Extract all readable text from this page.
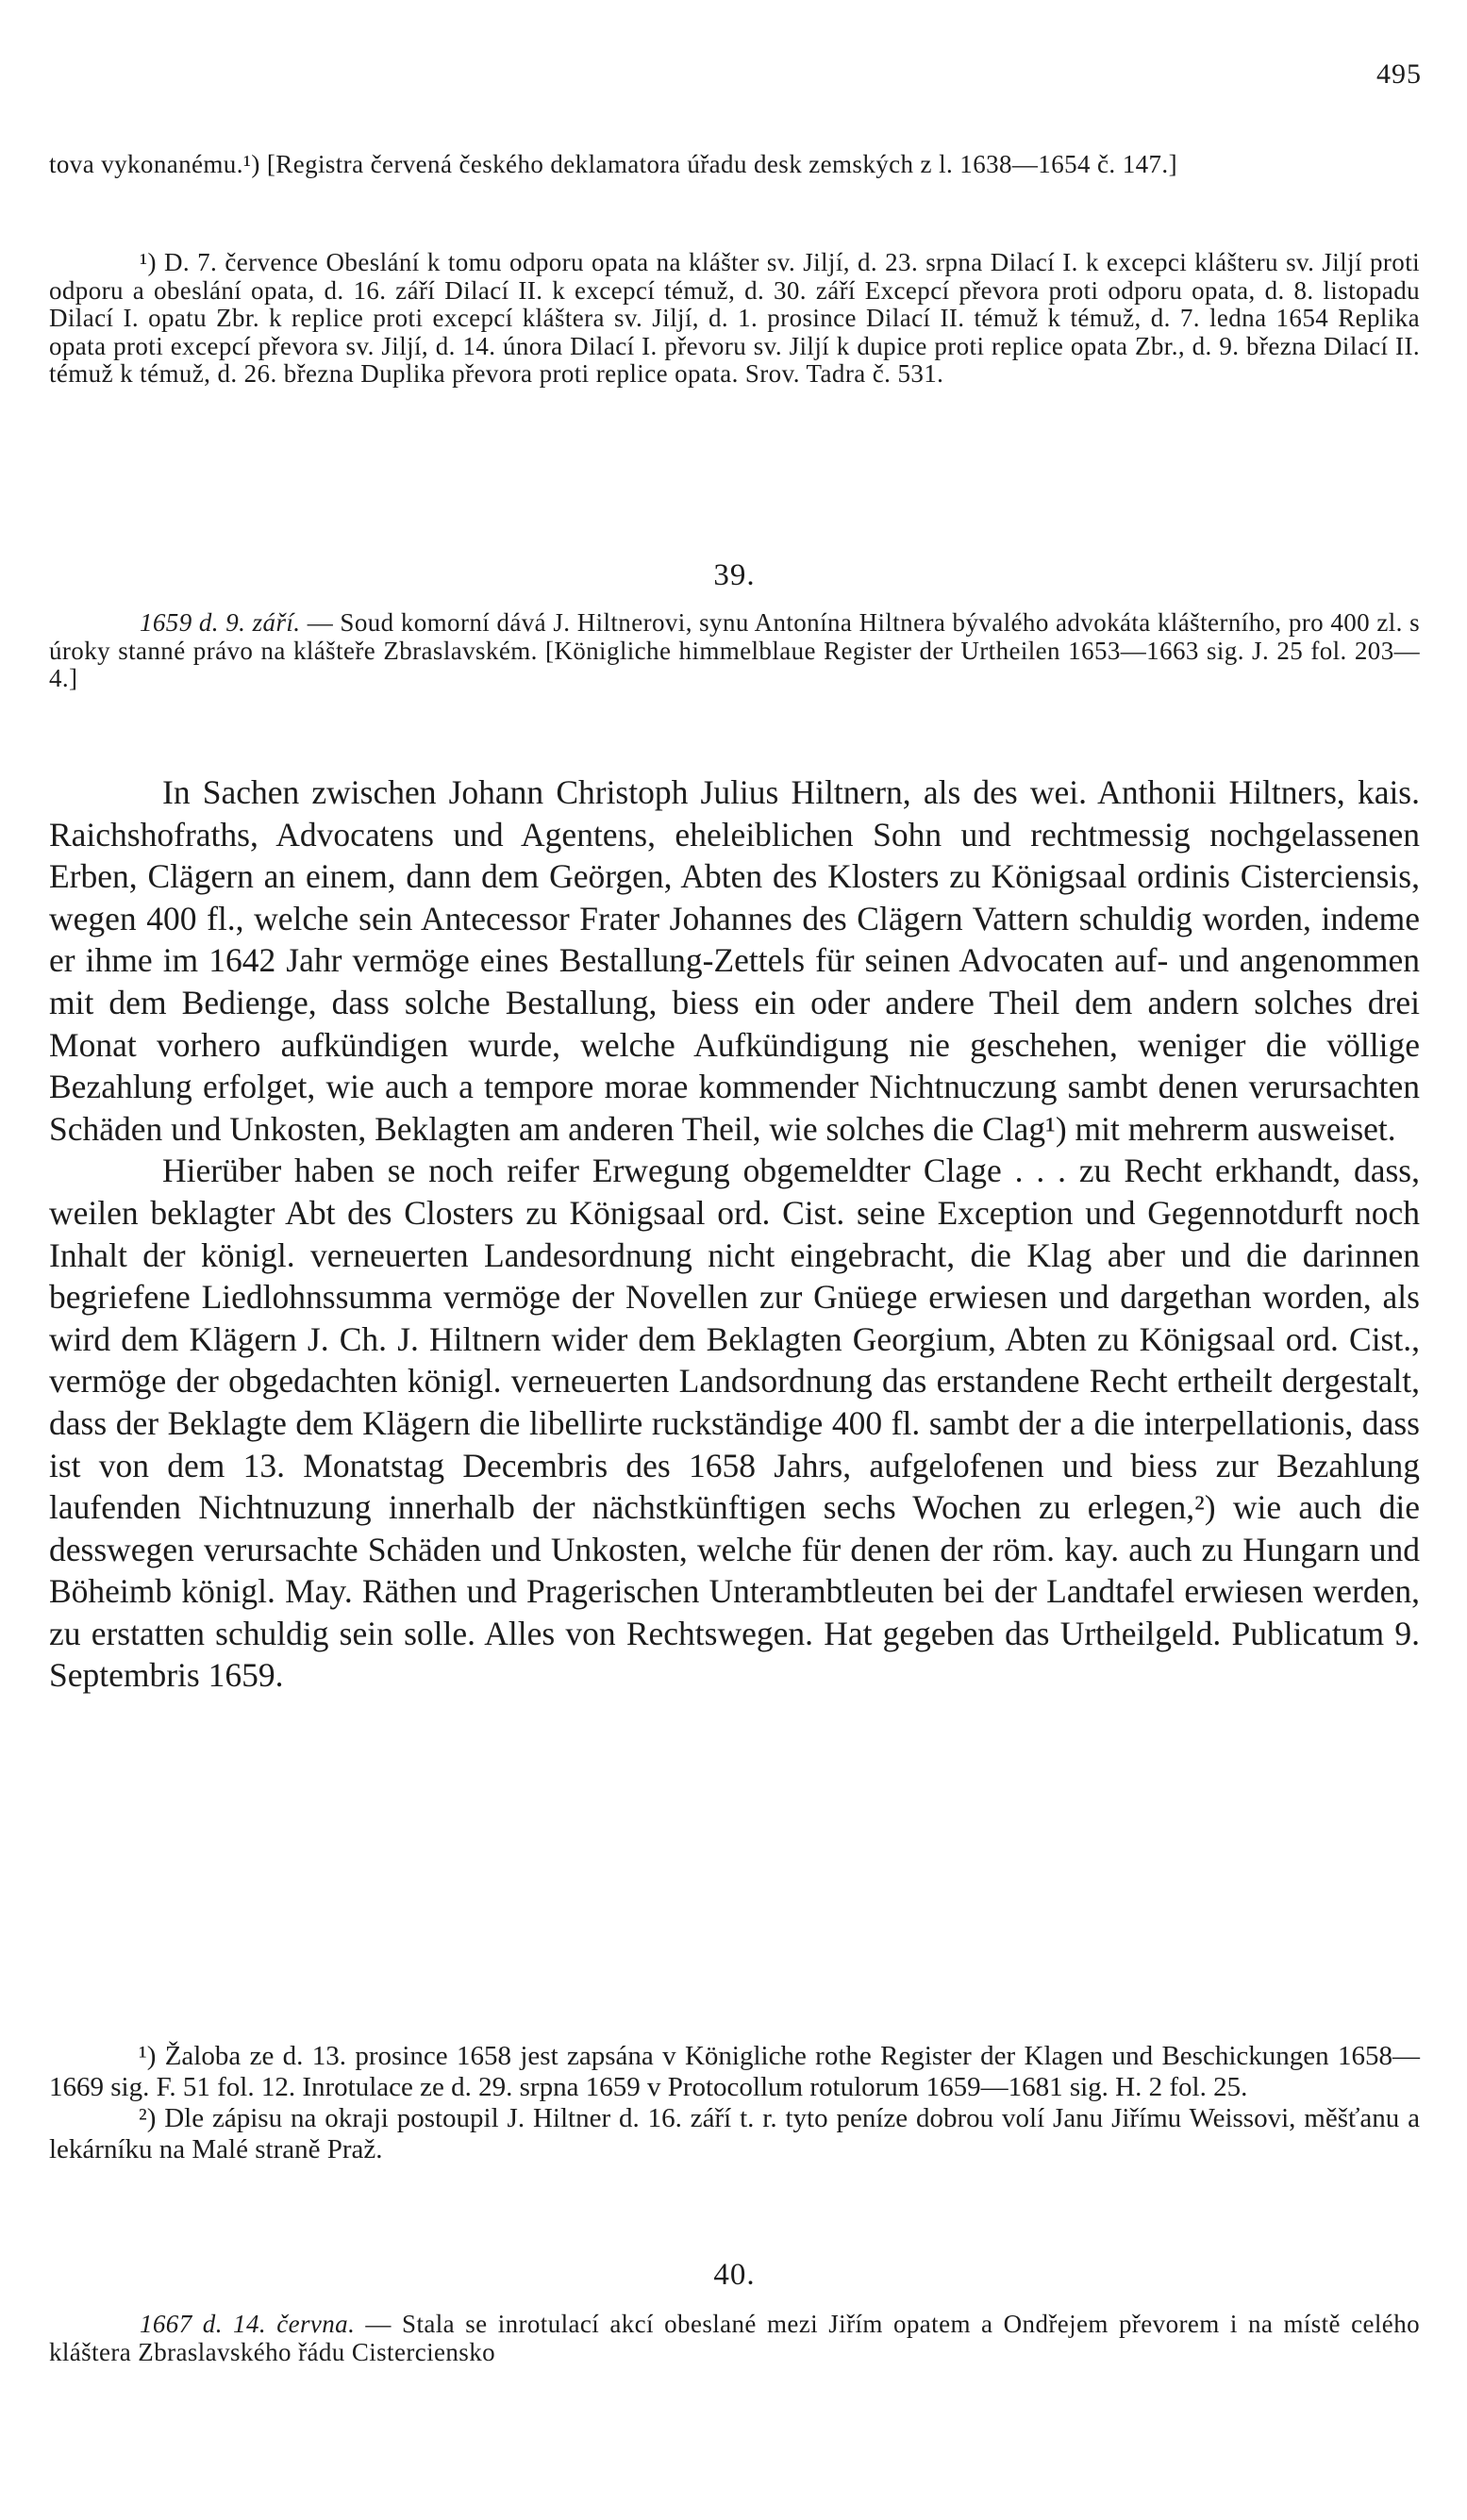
495

tova vykonanému.¹) [Registra červená českého deklamatora úřadu desk zemských z l. 1638—1654 č. 147.]

¹) D. 7. července Obeslání k tomu odporu opata na klášter sv. Jiljí, d. 23. srpna Dilací I. k excepci klášteru sv. Jiljí proti odporu a obeslání opata, d. 16. září Dilací II. k excepcí témuž, d. 30. září Excepcí převora proti odporu opata, d. 8. listopadu Dilací I. opatu Zbr. k replice proti excepcí kláštera sv. Jiljí, d. 1. prosince Dilací II. témuž k témuž, d. 7. ledna 1654 Replika opata proti excepcí převora sv. Jiljí, d. 14. února Dilací I. převoru sv. Jiljí k dupice proti replice opata Zbr., d. 9. března Dilací II. témuž k témuž, d. 26. března Duplika převora proti replice opata. Srov. Tadra č. 531.

39.

1659 d. 9. září. — Soud komorní dává J. Hiltnerovi, synu Antonína Hiltnera bývalého advokáta klášterního, pro 400 zl. s úroky stanné právo na klášteře Zbraslavském. [Königliche himmelblaue Register der Urtheilen 1653—1663 sig. J. 25 fol. 203—4.]

In Sachen zwischen Johann Christoph Julius Hiltnern, als des wei. Anthonii Hiltners, kais. Raichshofraths, Advocatens und Agentens, eheleiblichen Sohn und rechtmessig nochgelassenen Erben, Clägern an einem, dann dem Geörgen, Abten des Klosters zu Königsaal ordinis Cisterciensis, wegen 400 fl., welche sein Antecessor Frater Johannes des Clägern Vattern schuldig worden, indeme er ihme im 1642 Jahr vermöge eines Bestallung-Zettels für seinen Advocaten auf- und angenommen mit dem Bedienge, dass solche Bestallung, biess ein oder andere Theil dem andern solches drei Monat vorhero aufkündigen wurde, welche Aufkündigung nie geschehen, weniger die völlige Bezahlung erfolget, wie auch a tempore morae kommender Nichtnuczung sambt denen verursachten Schäden und Unkosten, Beklagten am anderen Theil, wie solches die Clag¹) mit mehrerm ausweiset.

Hierüber haben se noch reifer Erwegung obgemeldter Clage . . . zu Recht erkhandt, dass, weilen beklagter Abt des Closters zu Königsaal ord. Cist. seine Exception und Gegennotdurft noch Inhalt der königl. verneuerten Landesordnung nicht eingebracht, die Klag aber und die darinnen begriefene Liedlohnssumma vermöge der Novellen zur Gnüege erwiesen und dargethan worden, als wird dem Klägern J. Ch. J. Hiltnern wider dem Beklagten Georgium, Abten zu Königsaal ord. Cist., vermöge der obgedachten königl. verneuerten Landsordnung das erstandene Recht ertheilt dergestalt, dass der Beklagte dem Klägern die libellirte ruckständige 400 fl. sambt der a die interpellationis, dass ist von dem 13. Monatstag Decembris des 1658 Jahrs, aufgelofenen und biess zur Bezahlung laufenden Nichtnuzung innerhalb der nächstkünftigen sechs Wochen zu erlegen,²) wie auch die desswegen verursachte Schäden und Unkosten, welche für denen der röm. kay. auch zu Hungarn und Böheimb königl. May. Räthen und Pragerischen Unterambtleuten bei der Landtafel erwiesen werden, zu erstatten schuldig sein solle. Alles von Rechtswegen. Hat gegeben das Urtheilgeld. Publicatum 9. Septembris 1659.

¹) Žaloba ze d. 13. prosince 1658 jest zapsána v Königliche rothe Register der Klagen und Beschickungen 1658—1669 sig. F. 51 fol. 12. Inrotulace ze d. 29. srpna 1659 v Protocollum rotulorum 1659—1681 sig. H. 2 fol. 25.

²) Dle zápisu na okraji postoupil J. Hiltner d. 16. září t. r. tyto peníze dobrou volí Janu Jiřímu Weissovi, měšťanu a lekárníku na Malé straně Praž.

40.

1667 d. 14. června. — Stala se inrotulací akcí obeslané mezi Jiřím opatem a Ondřejem převorem i na místě celého kláštera Zbraslavského řádu Cisterciensko
